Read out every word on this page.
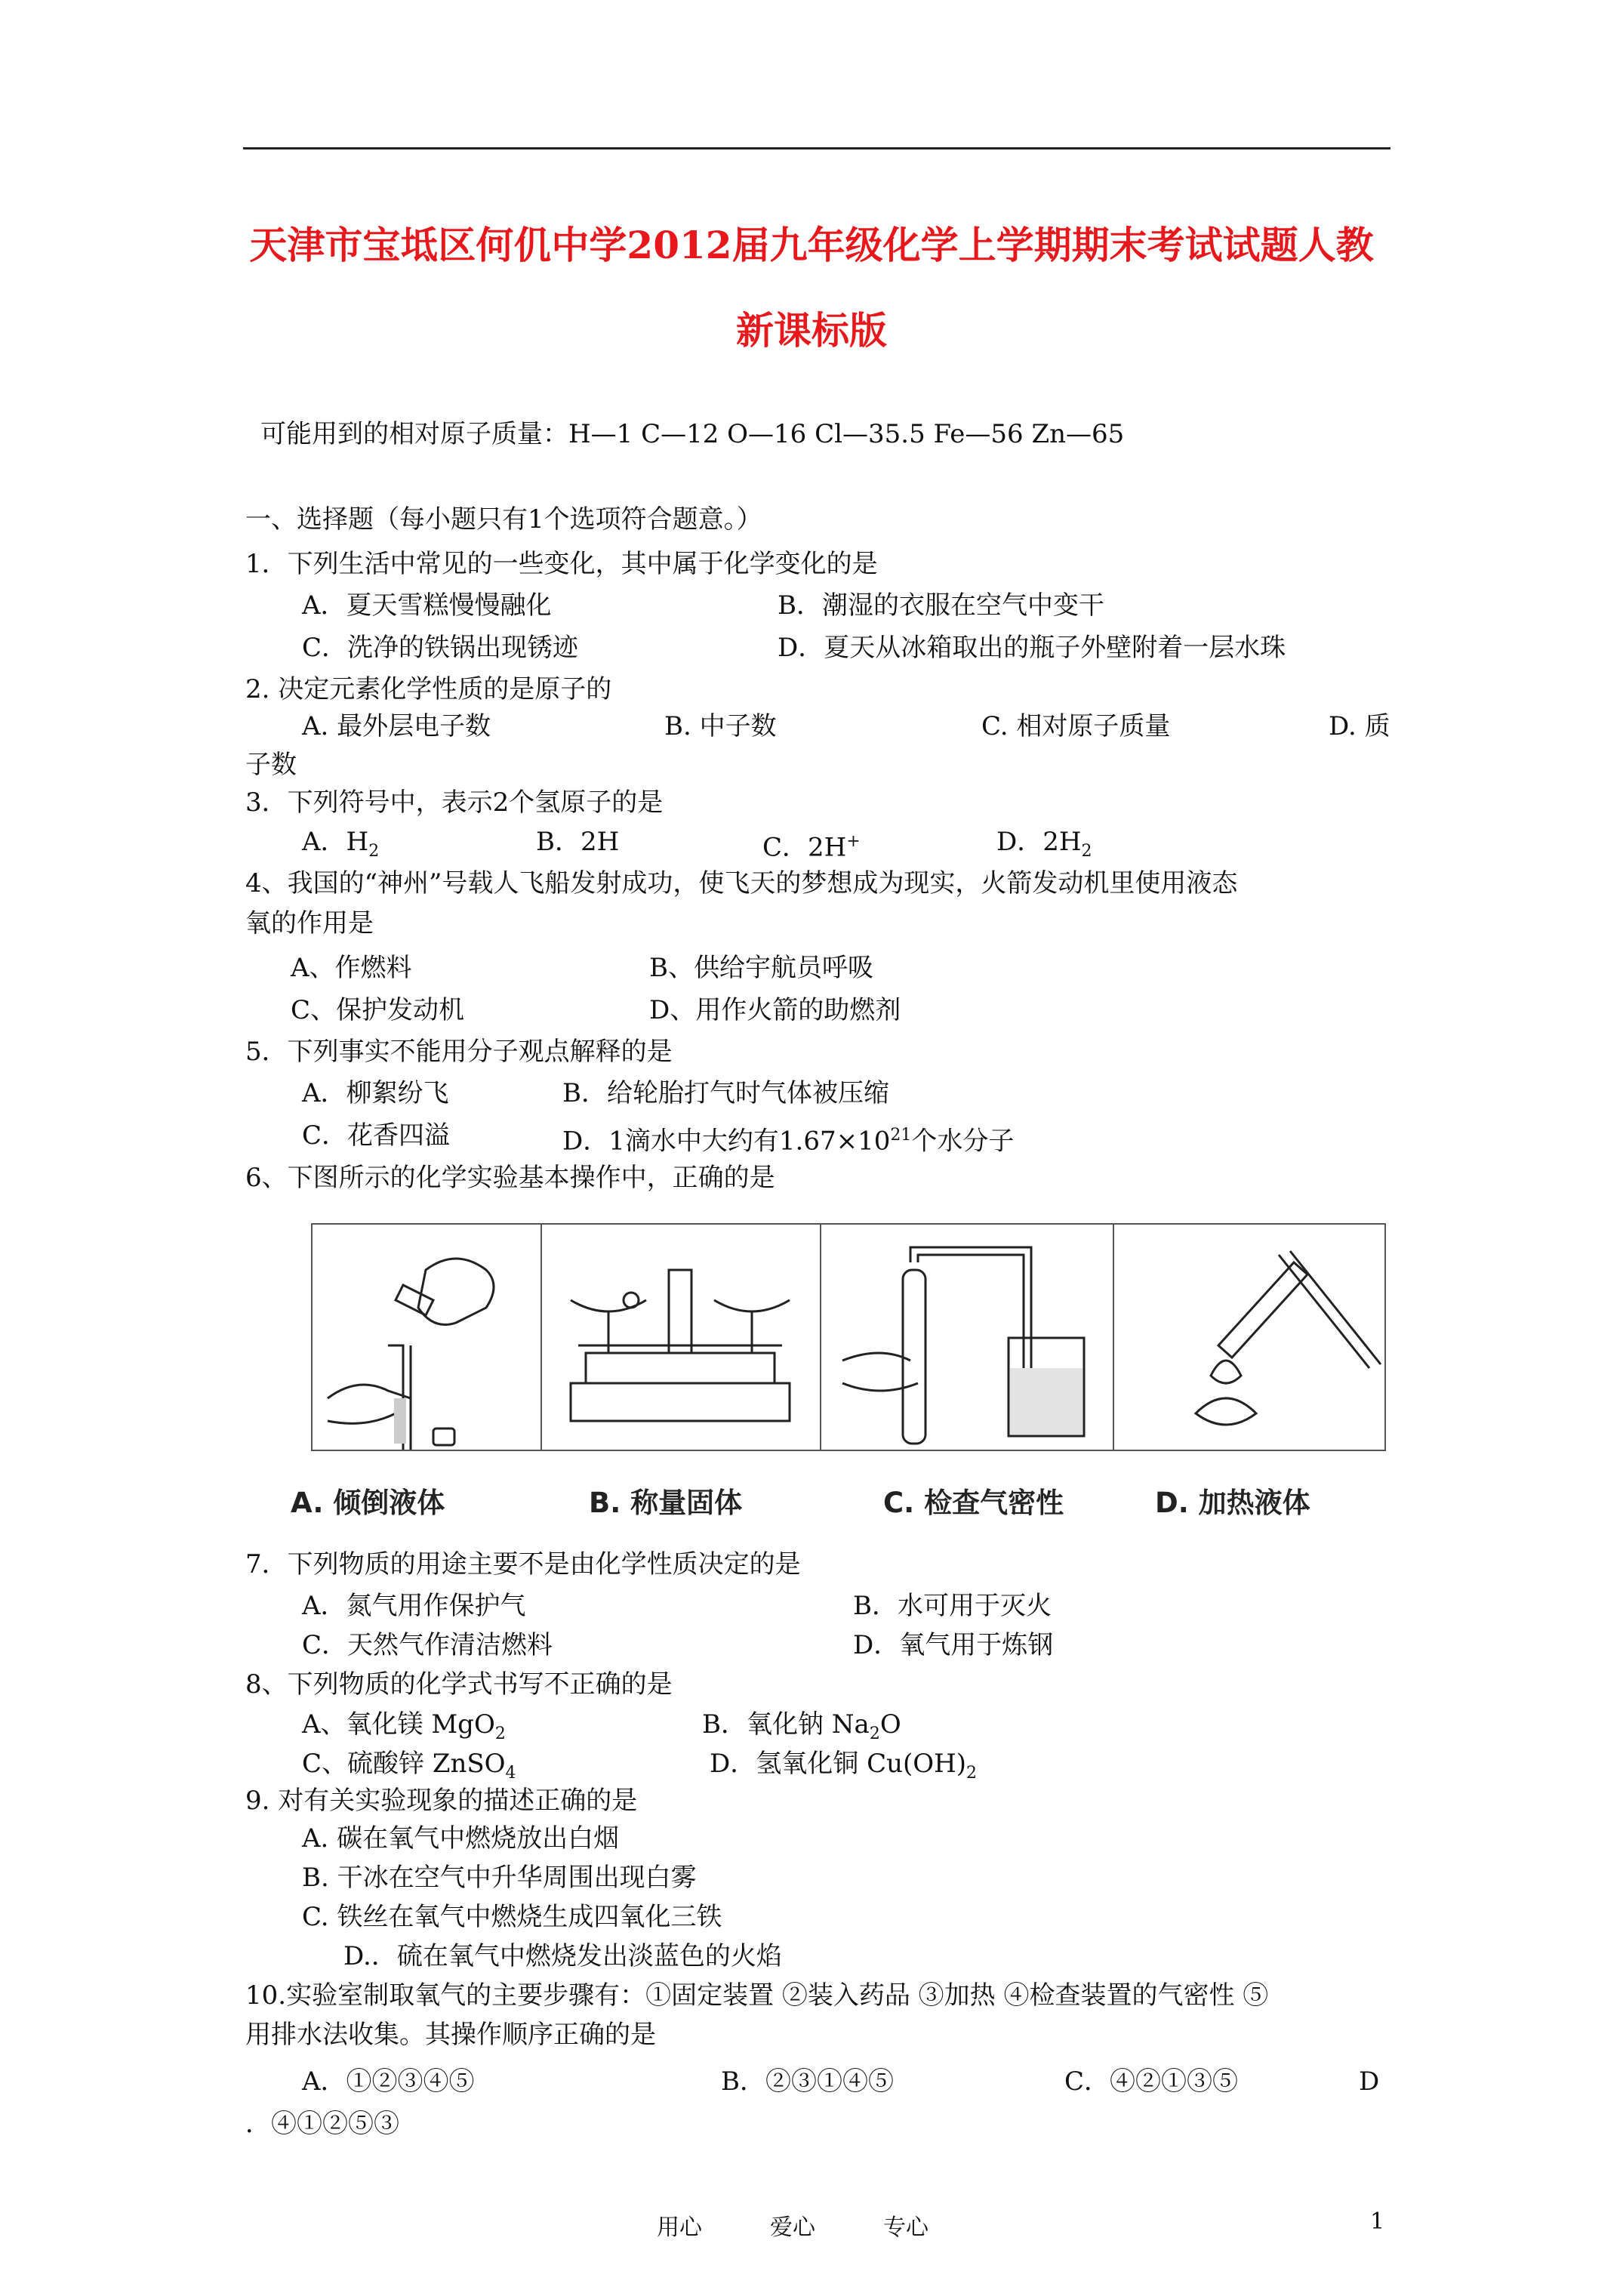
天津市宝坻区何仉中学2012届九年级化学上学期期末考试试题人教
新课标版
可能用到的相对原子质量：H—1 C—12 O—16 Cl—35.5 Fe—56 Zn—65
一、选择题（每小题只有1个选项符合题意。）
1．下列生活中常见的一些变化，其中属于化学变化的是
A．夏天雪糕慢慢融化	B．潮湿的衣服在空气中变干
C．洗净的铁锅出现锈迹	D．夏天从冰箱取出的瓶子外壁附着一层水珠
2. 决定元素化学性质的是原子的
A. 最外层电子数	B. 中子数	C. 相对原子质量	D. 质
子数
3．下列符号中，表示2个氢原子的是
A．$H_2$	B．2H	C．2H+	D．$2H_2$
4、我国的“神州”号载人飞船发射成功，使飞天的梦想成为现实，火箭发动机里使用液态
氧的作用是
A、作燃料	B、供给宇航员呼吸
C、保护发动机	D、用作火箭的助燃剂
5．下列事实不能用分子观点解释的是
A．柳絮纷飞	B．给轮胎打气时气体被压缩
C．花香四溢	D．1滴水中大约有$1.67\times 10^{21}$个水分子
6、下图所示的化学实验基本操作中，正确的是
A. 倾倒液体	B. 称量固体	C. 检查气密性	D. 加热液体
7．下列物质的用途主要不是由化学性质决定的是
A．氮气用作保护气	B．水可用于灭火
C．天然气作清洁燃料	D．氧气用于炼钢
8、下列物质的化学式书写不正确的是
A、氧化镁 MgO$_2$	B．氧化钠 $Na_2O$
C、硫酸锌 ZnSO$_4$	D．氢氧化铜 $Cu(OH)_2$
9. 对有关实验现象的描述正确的是
A. 碳在氧气中燃烧放出白烟
B. 干冰在空气中升华周围出现白雾
C. 铁丝在氧气中燃烧生成四氧化三铁
D.．硫在氧气中燃烧发出淡蓝色的火焰
10.实验室制取氧气的主要步骤有：①固定装置 ②装入药品 ③加热 ④检查装置的气密性 ⑤
用排水法收集。其操作顺序正确的是
A．①②③④⑤	B．②③①④⑤	C．④②①③⑤	D
．④①②⑤③
用心	爱心	专心	1
